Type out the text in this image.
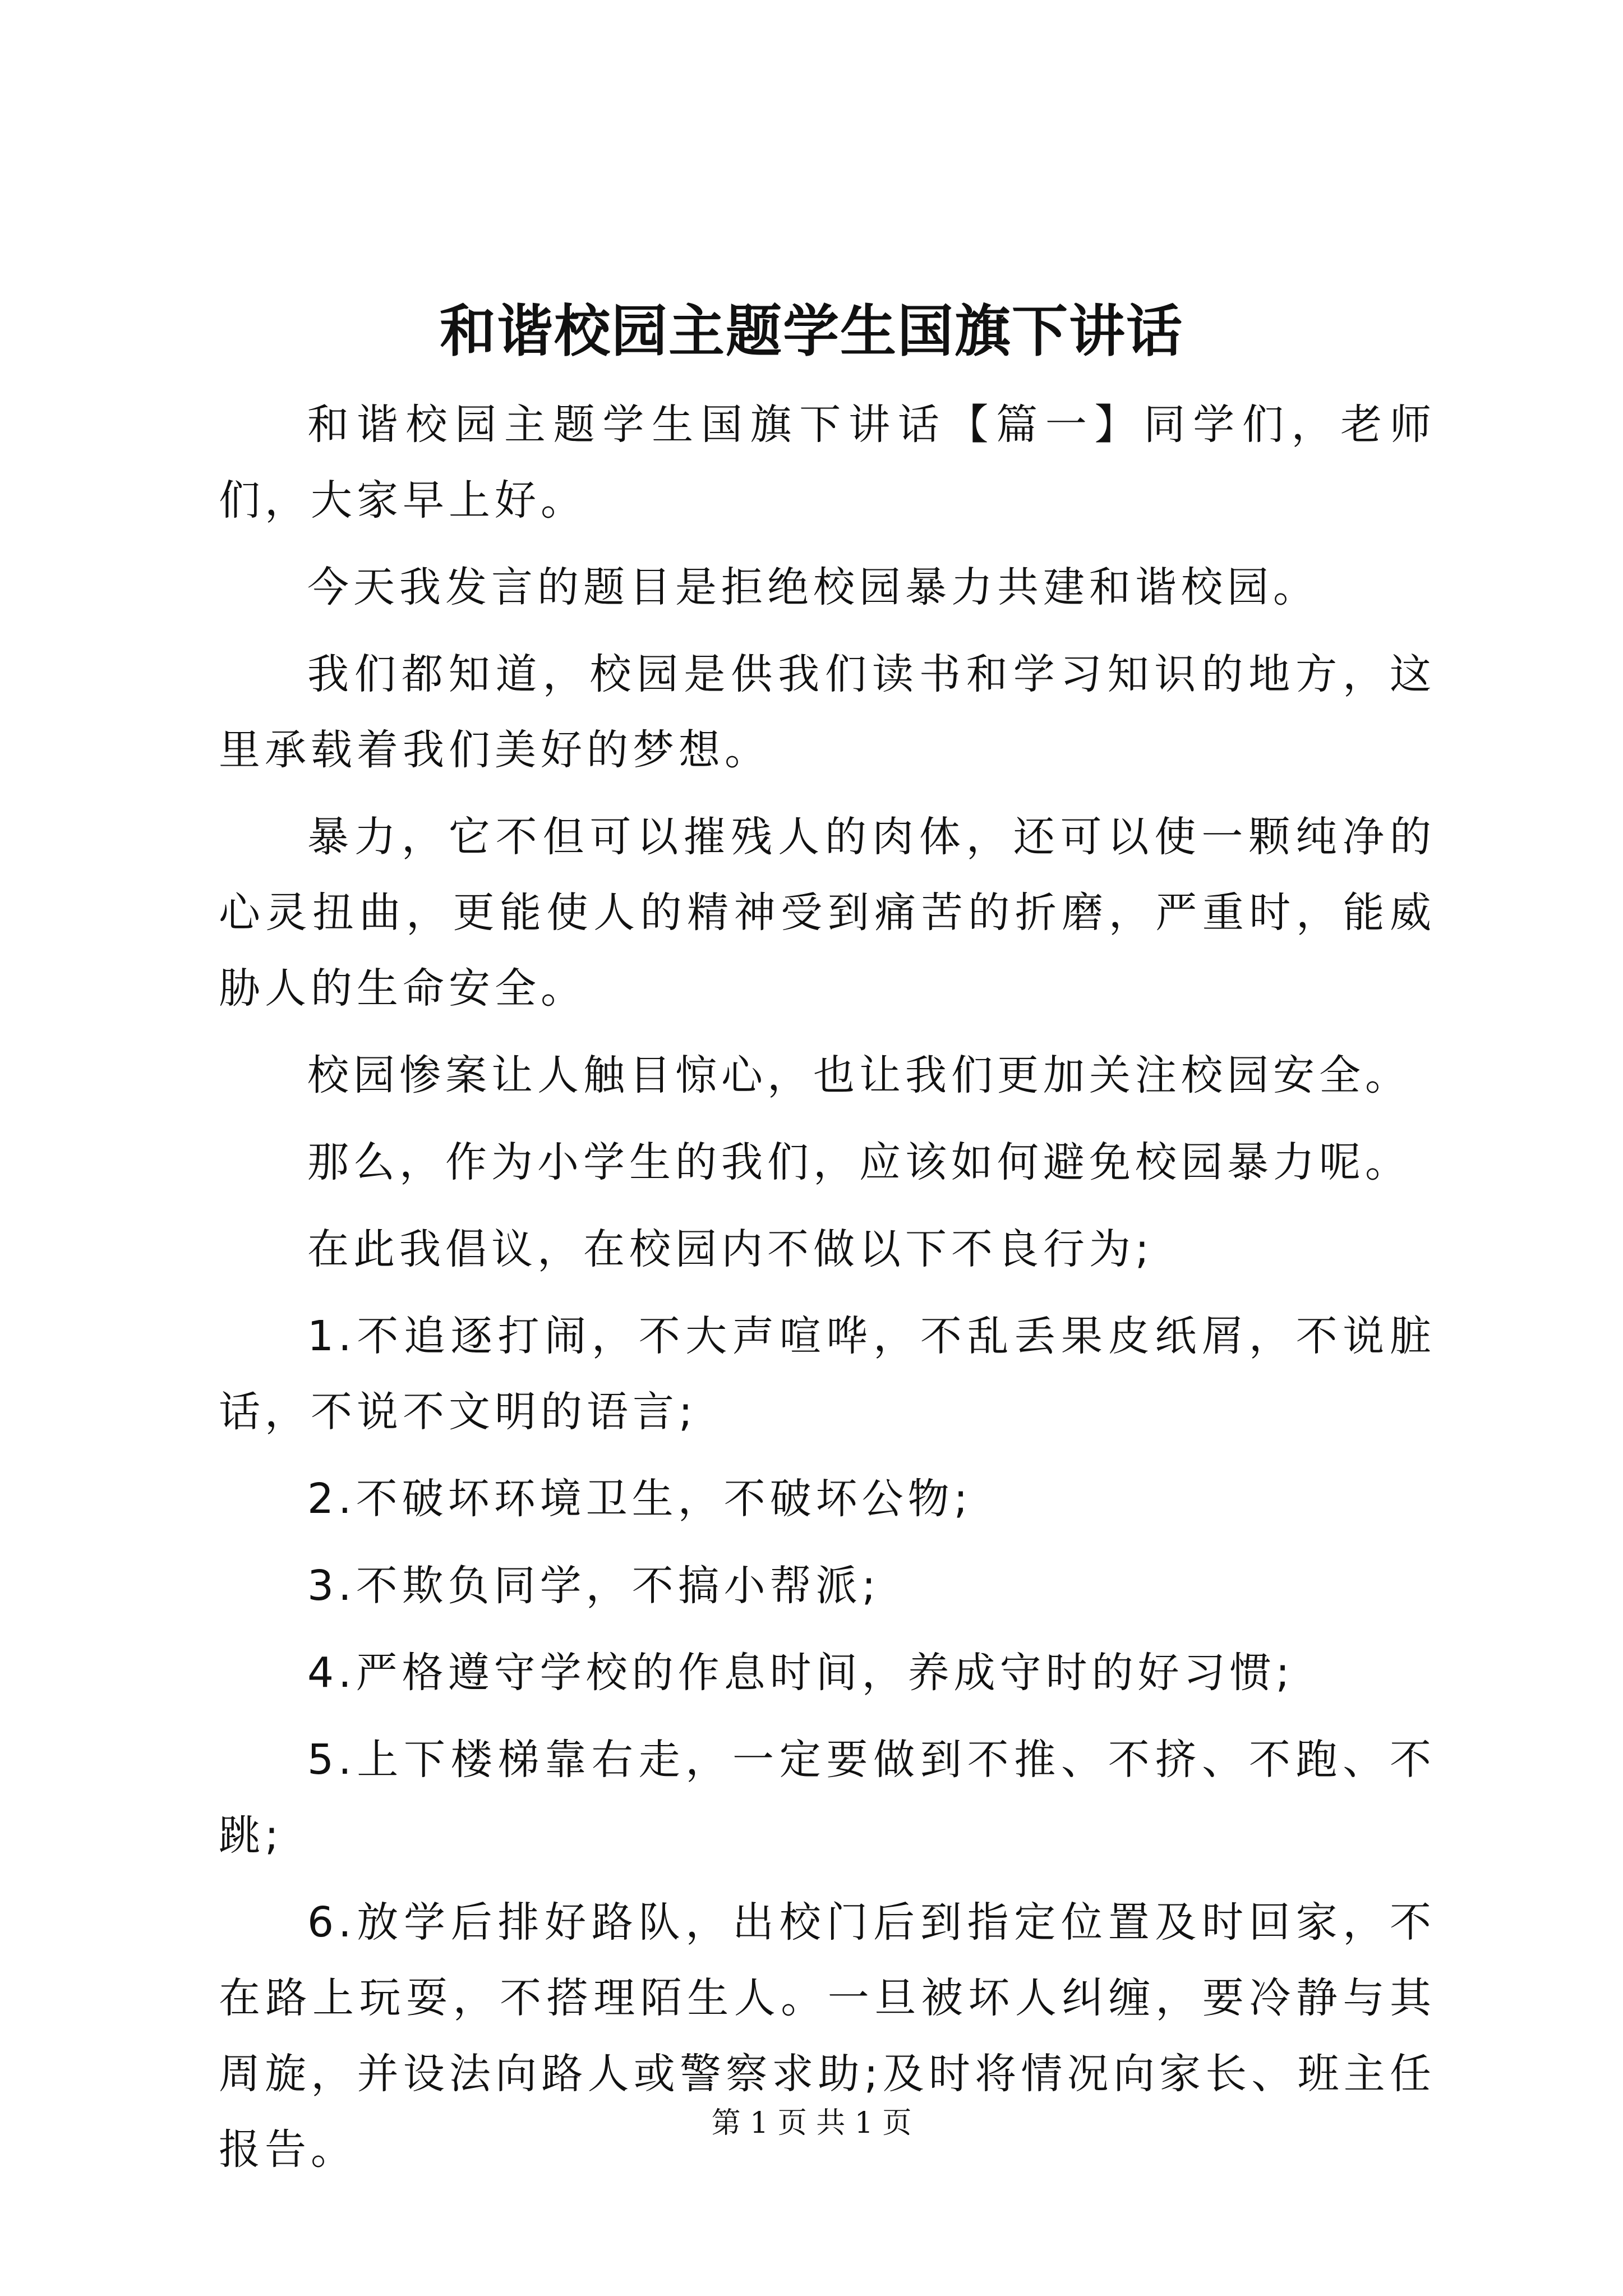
和谐校园主题学生国旗下讲话

和谐校园主题学生国旗下讲话【篇一】同学们，老师们，大家早上好。

今天我发言的题目是拒绝校园暴力共建和谐校园。

我们都知道，校园是供我们读书和学习知识的地方，这里承载着我们美好的梦想。

暴力，它不但可以摧残人的肉体，还可以使一颗纯净的心灵扭曲，更能使人的精神受到痛苦的折磨，严重时，能威胁人的生命安全。

校园惨案让人触目惊心，也让我们更加关注校园安全。

那么，作为小学生的我们，应该如何避免校园暴力呢。

在此我倡议，在校园内不做以下不良行为;

1.不追逐打闹，不大声喧哗，不乱丢果皮纸屑，不说脏话，不说不文明的语言;

2.不破坏环境卫生，不破坏公物;

3.不欺负同学，不搞小帮派;

4.严格遵守学校的作息时间，养成守时的好习惯;

5.上下楼梯靠右走，一定要做到不推、不挤、不跑、不跳;

6.放学后排好路队，出校门后到指定位置及时回家，不在路上玩耍，不搭理陌生人。一旦被坏人纠缠，要冷静与其周旋，并设法向路人或警察求助;及时将情况向家长、班主任报告。

第 1 页 共 1 页
